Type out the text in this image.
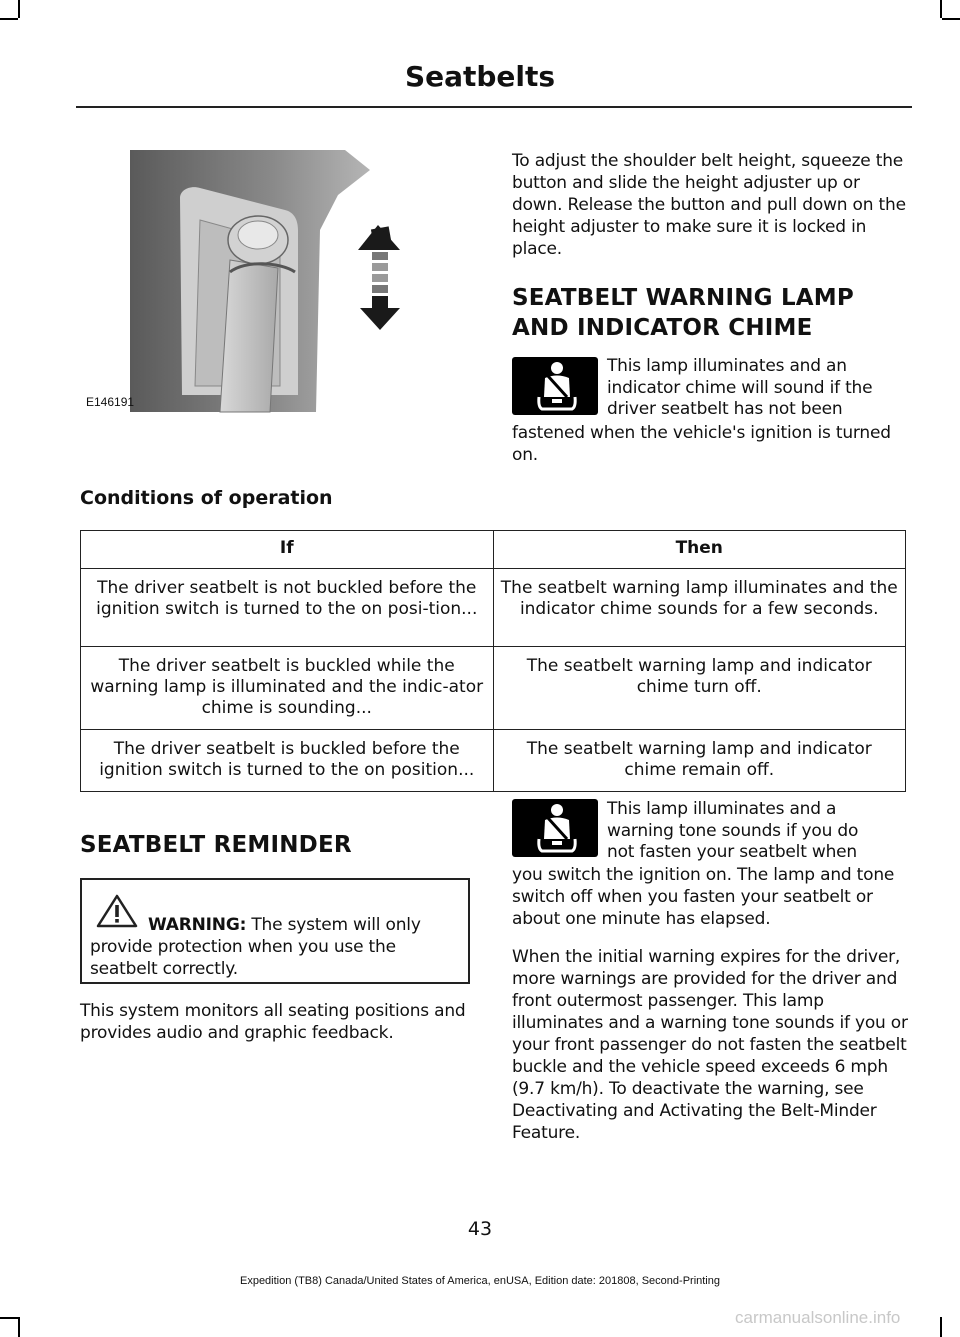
Seatbelts
E146191
To adjust the shoulder belt height, squeeze the button and slide the height adjuster up or down. Release the button and pull down on the height adjuster to make sure it is locked in place.
SEATBELT WARNING LAMP
AND INDICATOR CHIME
This lamp illuminates and an
indicator chime will sound if the
driver seatbelt has not been
fastened when the vehicle's ignition is turned on.
Conditions of operation
If	Then
The driver seatbelt is not buckled before the ignition switch is turned to the on posi-tion...	The seatbelt warning lamp illuminates and the indicator chime sounds for a few seconds.
The driver seatbelt is buckled while the warning lamp is illuminated and the indic-ator chime is sounding...	The seatbelt warning lamp and indicator chime turn off.
The driver seatbelt is buckled before the ignition switch is turned to the on position...	The seatbelt warning lamp and indicator chime remain off.
SEATBELT REMINDER
WARNING: The system will only provide protection when you use the seatbelt correctly.
This system monitors all seating positions and provides audio and graphic feedback.
This lamp illuminates and a
warning tone sounds if you do
not fasten your seatbelt when
you switch the ignition on. The lamp and tone switch off when you fasten your seatbelt or about one minute has elapsed.
When the initial warning expires for the driver, more warnings are provided for the driver and front outermost passenger. This lamp illuminates and a warning tone sounds if you or your front passenger do not fasten the seatbelt buckle and the vehicle speed exceeds 6 mph (9.7 km/h). To deactivate the warning, see Deactivating and Activating the Belt-Minder Feature.
43
Expedition (TB8) Canada/United States of America, enUSA, Edition date: 201808, Second-Printing
carmanualsonline.info
